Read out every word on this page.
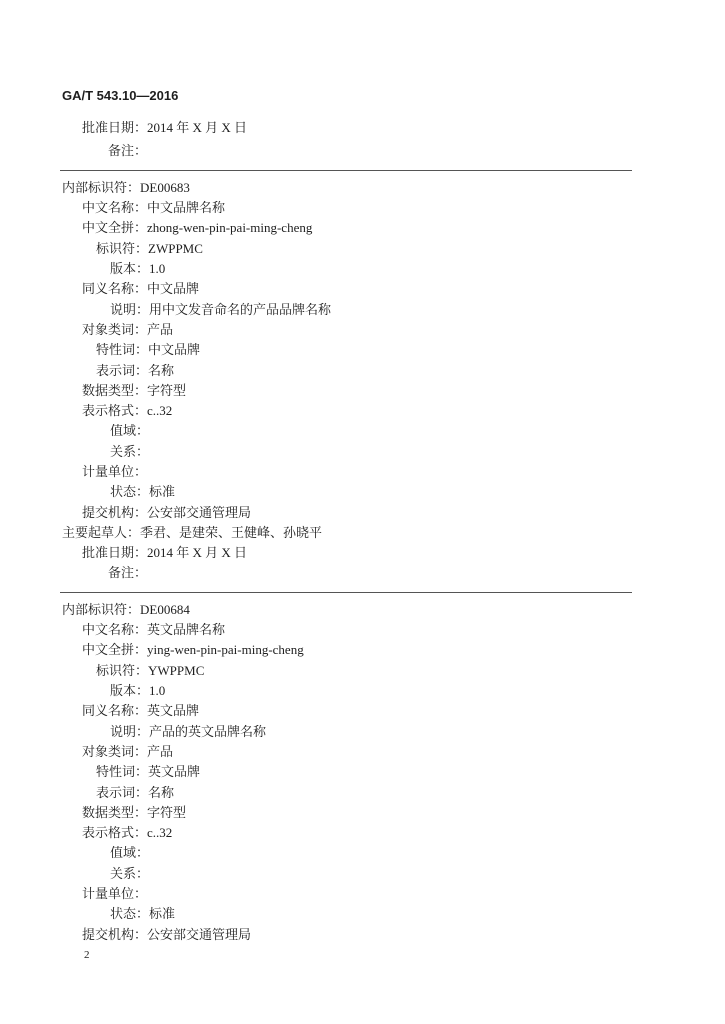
GA/T 543.10—2016
批准日期：2014 年 X 月 X 日
备注：
内部标识符：DE00683
中文名称：中文品牌名称
中文全拼：zhong-wen-pin-pai-ming-cheng
标识符：ZWPPMC
版本：1.0
同义名称：中文品牌
说明：用中文发音命名的产品品牌名称
对象类词：产品
特性词：中文品牌
表示词：名称
数据类型：字符型
表示格式：c..32
值域：
关系：
计量单位：
状态：标准
提交机构：公安部交通管理局
主要起草人：季君、是建荣、王健峰、孙晓平
批准日期：2014 年 X 月 X 日
备注：
内部标识符：DE00684
中文名称：英文品牌名称
中文全拼：ying-wen-pin-pai-ming-cheng
标识符：YWPPMC
版本：1.0
同义名称：英文品牌
说明：产品的英文品牌名称
对象类词：产品
特性词：英文品牌
表示词：名称
数据类型：字符型
表示格式：c..32
值域：
关系：
计量单位：
状态：标准
提交机构：公安部交通管理局
2
